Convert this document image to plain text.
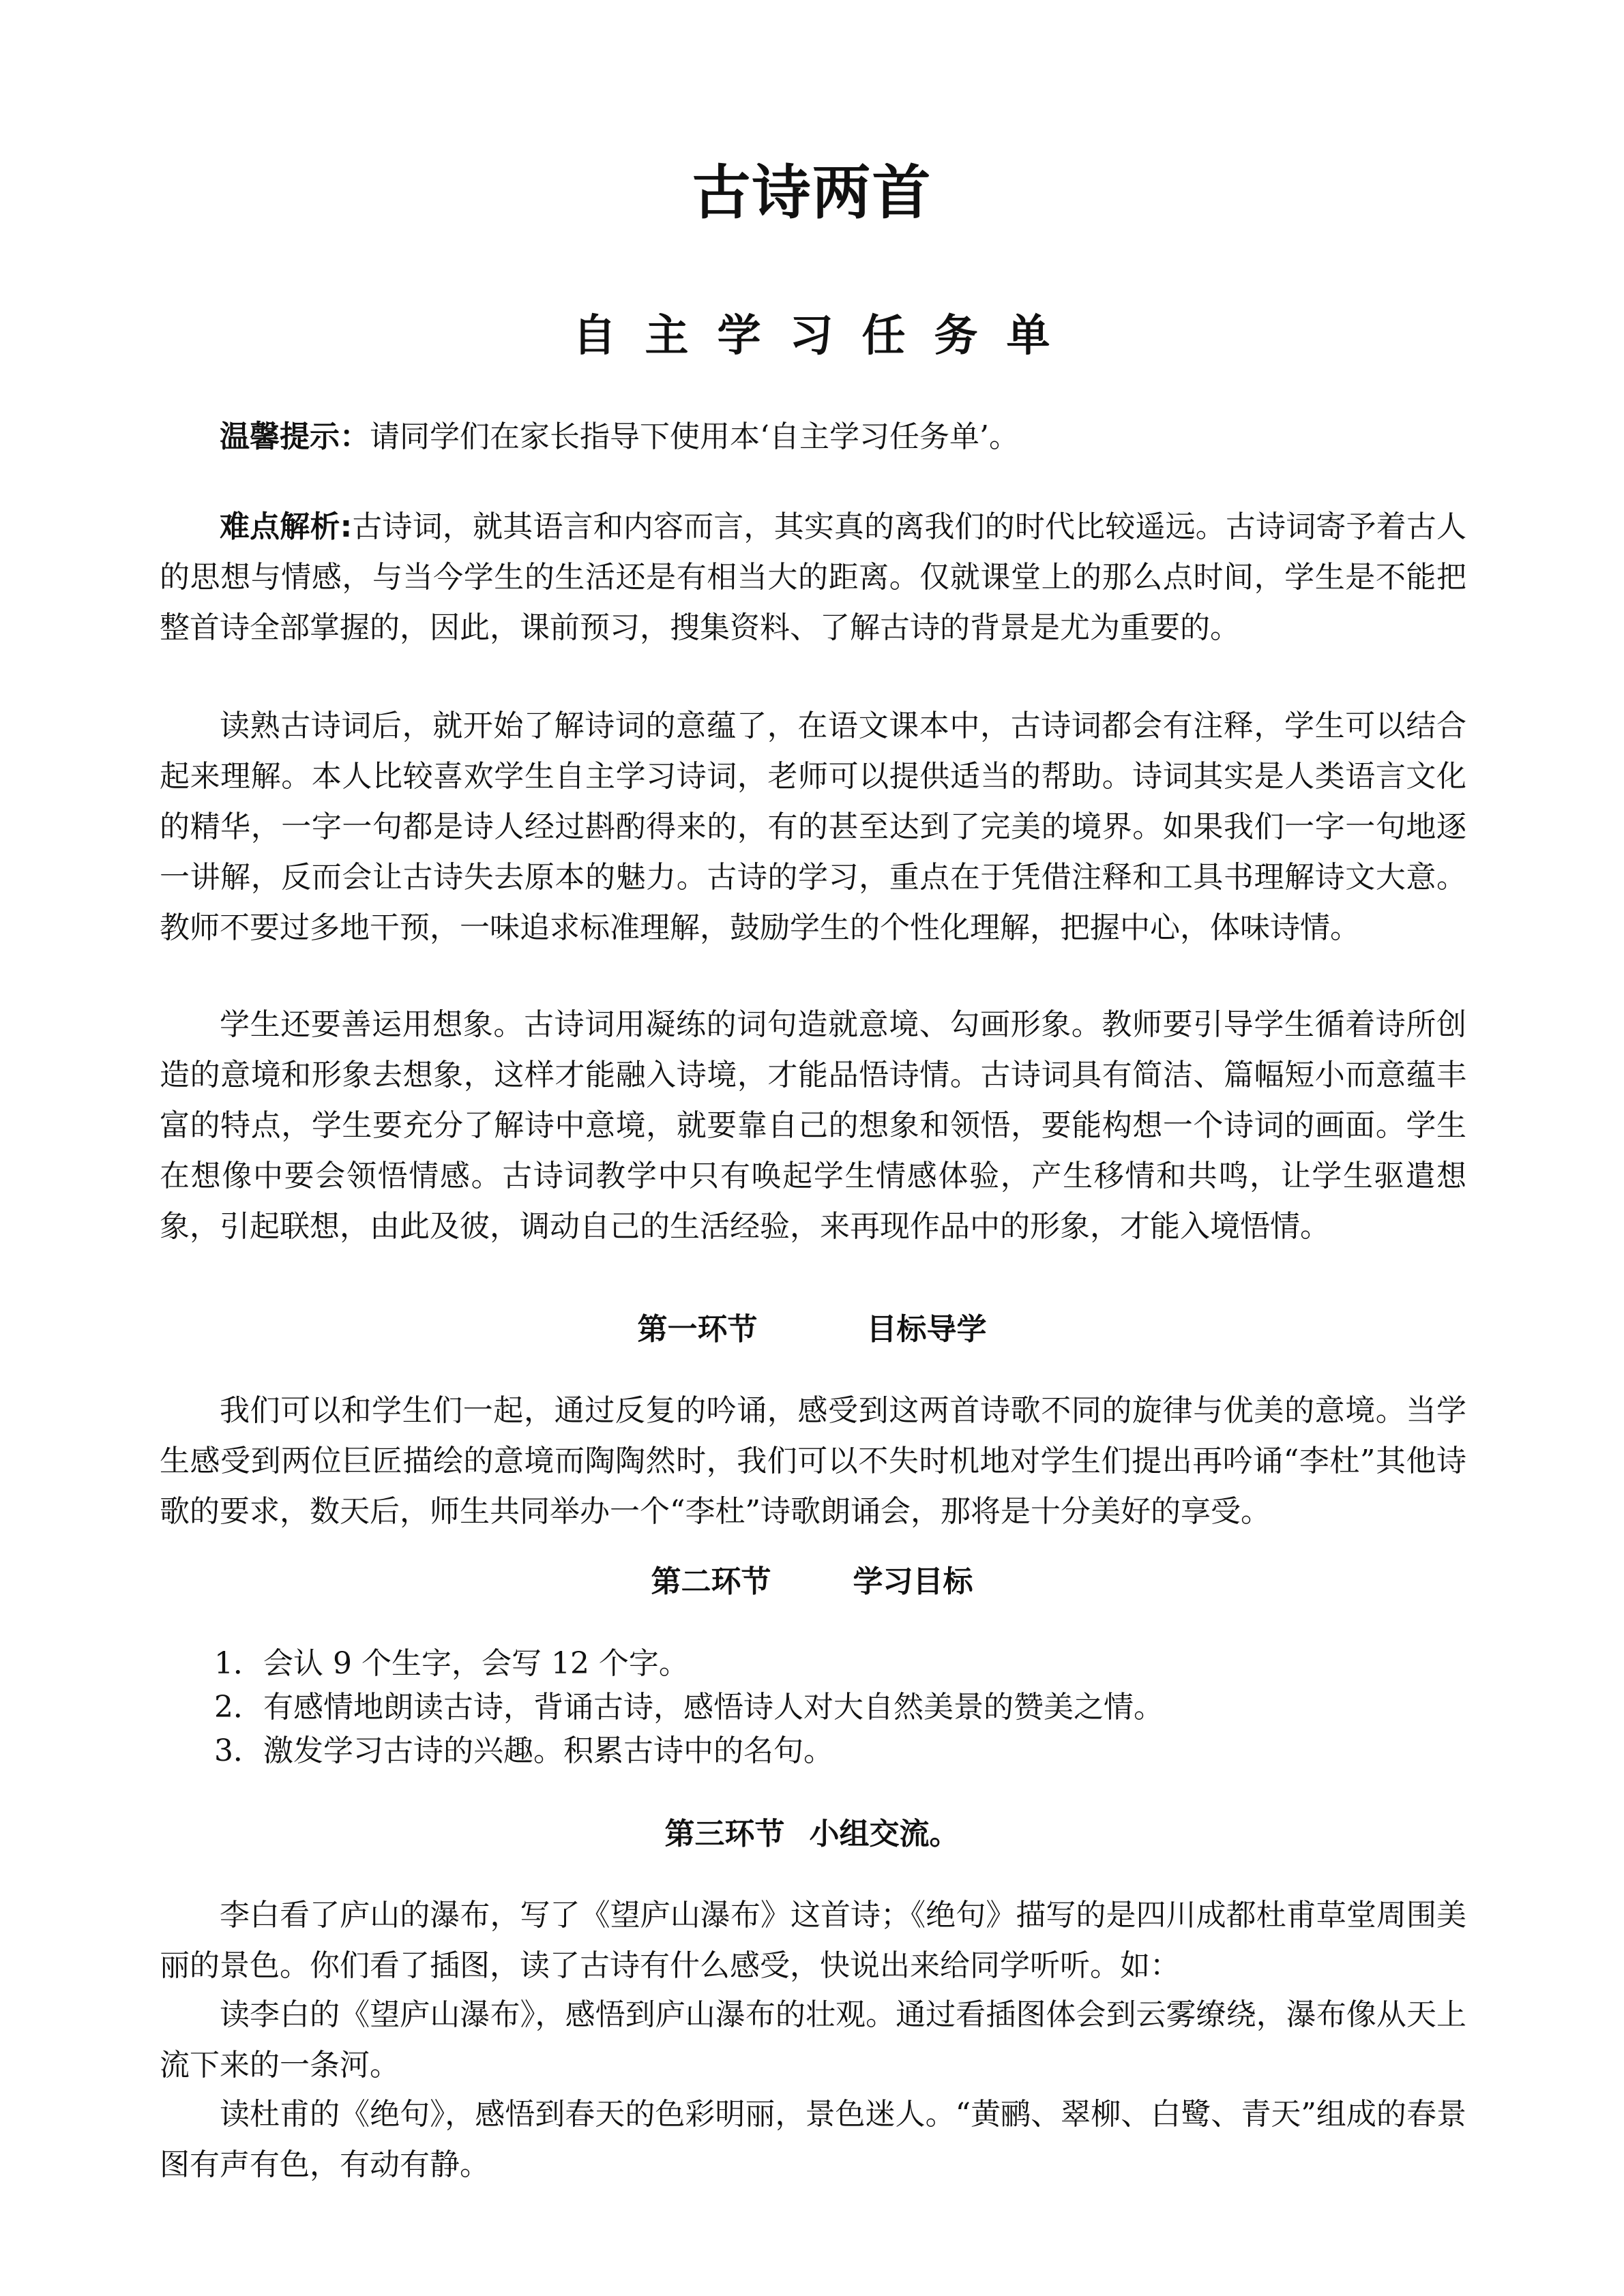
古诗两首
自主学习任务单

温馨提示：请同学们在家长指导下使用本‘自主学习任务单’。

难点解析:古诗词，就其语言和内容而言，其实真的离我们的时代比较遥远。古诗词寄予着古人的思想与情感，与当今学生的生活还是有相当大的距离。仅就课堂上的那么点时间，学生是不能把整首诗全部掌握的，因此，课前预习，搜集资料、了解古诗的背景是尤为重要的。

读熟古诗词后，就开始了解诗词的意蕴了，在语文课本中，古诗词都会有注释，学生可以结合起来理解。本人比较喜欢学生自主学习诗词，老师可以提供适当的帮助。诗词其实是人类语言文化的精华，一字一句都是诗人经过斟酌得来的，有的甚至达到了完美的境界。如果我们一字一句地逐一讲解，反而会让古诗失去原本的魅力。古诗的学习，重点在于凭借注释和工具书理解诗文大意。教师不要过多地干预，一味追求标准理解，鼓励学生的个性化理解，把握中心，体味诗情。

学生还要善运用想象。古诗词用凝练的词句造就意境、勾画形象。教师要引导学生循着诗所创造的意境和形象去想象，这样才能融入诗境，才能品悟诗情。古诗词具有简洁、篇幅短小而意蕴丰富的特点，学生要充分了解诗中意境，就要靠自己的想象和领悟，要能构想一个诗词的画面。学生在想像中要会领悟情感。古诗词教学中只有唤起学生情感体验，产生移情和共鸣，让学生驱遣想象，引起联想，由此及彼，调动自己的生活经验，来再现作品中的形象，才能入境悟情。

第一环节	目标导学

我们可以和学生们一起，通过反复的吟诵，感受到这两首诗歌不同的旋律与优美的意境。当学生感受到两位巨匠描绘的意境而陶陶然时，我们可以不失时机地对学生们提出再吟诵“李杜”其他诗歌的要求，数天后，师生共同举办一个“李杜”诗歌朗诵会，那将是十分美好的享受。

第二环节	学习目标
1．会认 9 个生字，会写 12 个字。
2．有感情地朗读古诗，背诵古诗，感悟诗人对大自然美景的赞美之情。
3．激发学习古诗的兴趣。积累古诗中的名句。
第三环节 小组交流。

李白看了庐山的瀑布，写了《望庐山瀑布》这首诗；《绝句》描写的是四川成都杜甫草堂周围美丽的景色。你们看了插图，读了古诗有什么感受，快说出来给同学听听。如：

读李白的《望庐山瀑布》，感悟到庐山瀑布的壮观。通过看插图体会到云雾缭绕，瀑布像从天上流下来的一条河。

读杜甫的《绝句》，感悟到春天的色彩明丽，景色迷人。“黄鹂、翠柳、白鹭、青天”组成的春景图有声有色，有动有静。
